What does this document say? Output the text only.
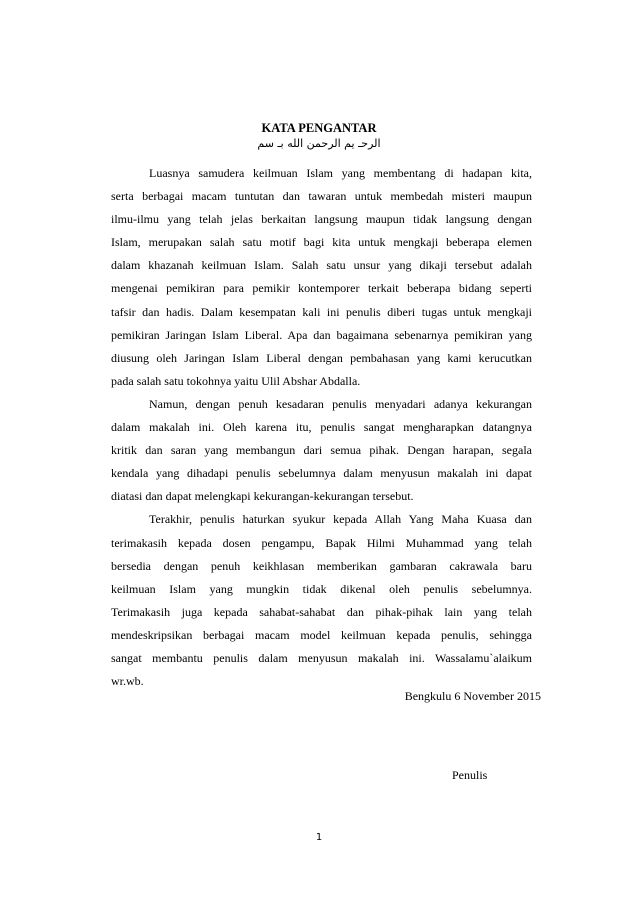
KATA PENGANTAR
الرحـ يم الرحمن الله بـ سم

Luasnya samudera keilmuan Islam yang membentang di hadapan kita,
serta berbagai macam tuntutan dan tawaran untuk membedah misteri maupun
ilmu-ilmu yang telah jelas berkaitan langsung maupun tidak langsung dengan
Islam, merupakan salah satu motif bagi kita untuk mengkaji beberapa elemen
dalam khazanah keilmuan Islam. Salah satu unsur yang dikaji tersebut adalah
mengenai pemikiran para pemikir kontemporer terkait beberapa bidang seperti
tafsir dan hadis. Dalam kesempatan kali ini penulis diberi tugas untuk mengkaji
pemikiran Jaringan Islam Liberal. Apa dan bagaimana sebenarnya pemikiran yang
diusung oleh Jaringan Islam Liberal dengan pembahasan yang kami kerucutkan
pada salah satu tokohnya yaitu Ulil Abshar Abdalla.

Namun, dengan penuh kesadaran penulis menyadari adanya kekurangan
dalam makalah ini. Oleh karena itu, penulis sangat mengharapkan datangnya
kritik dan saran yang membangun dari semua pihak. Dengan harapan, segala
kendala yang dihadapi penulis sebelumnya dalam menyusun makalah ini dapat
diatasi dan dapat melengkapi kekurangan-kekurangan tersebut.

Terakhir, penulis haturkan syukur kepada Allah Yang Maha Kuasa dan
terimakasih kepada dosen pengampu, Bapak Hilmi Muhammad yang telah
bersedia dengan penuh keikhlasan memberikan gambaran cakrawala baru
keilmuan Islam yang mungkin tidak dikenal oleh penulis sebelumnya.
Terimakasih juga kepada sahabat-sahabat dan pihak-pihak lain yang telah
mendeskripsikan berbagai macam model keilmuan kepada penulis, sehingga
sangat membantu penulis dalam menyusun makalah ini. Wassalamu`alaikum
wr.wb.

Bengkulu 6 November 2015
Penulis
1
